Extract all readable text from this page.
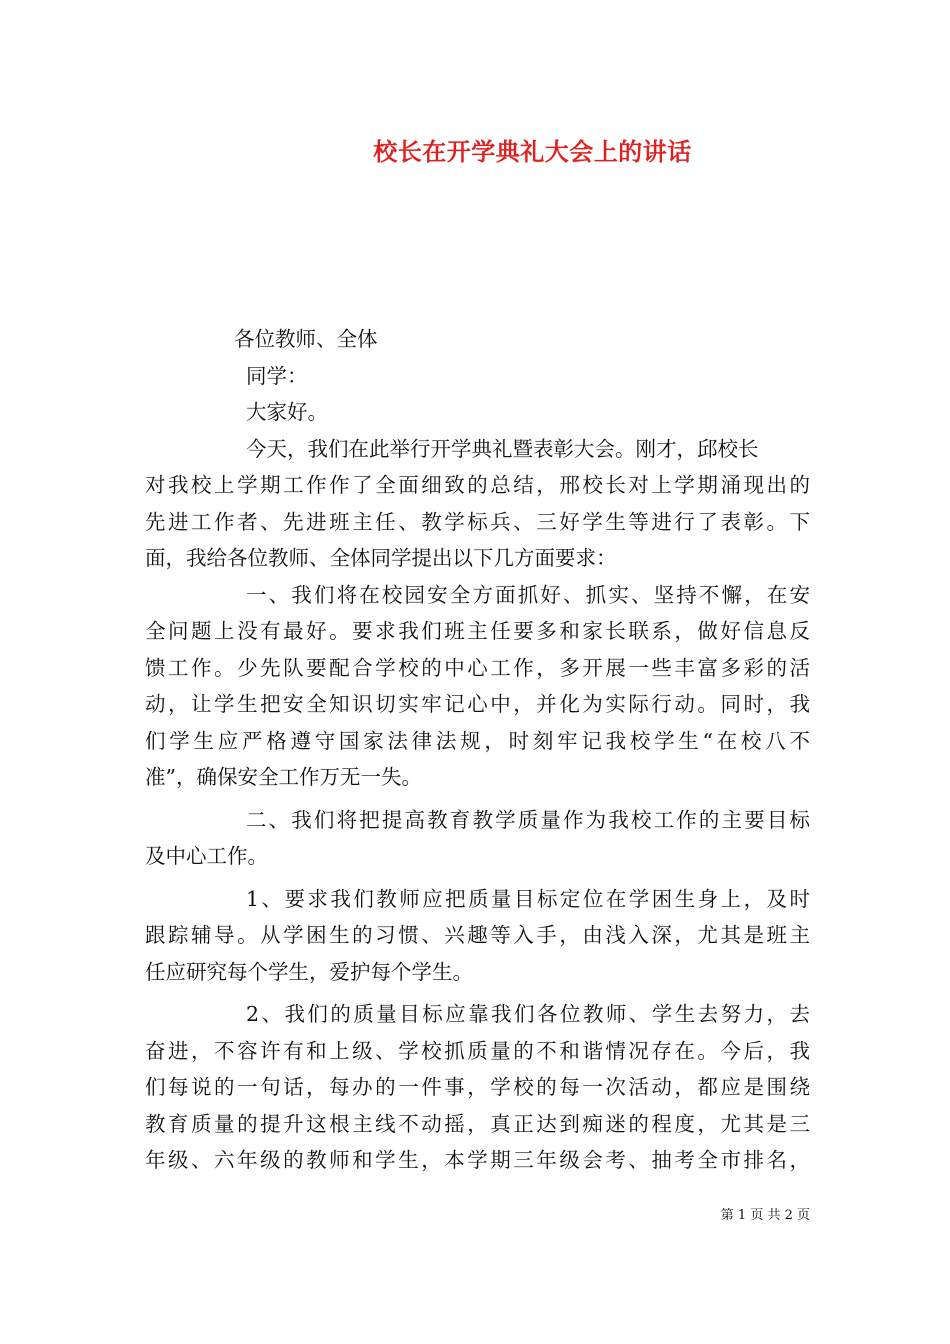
校长在开学典礼大会上的讲话
各位教师、全体
同学：
大家好。
今天，我们在此举行开学典礼暨表彰大会。刚才，邱校长
对我校上学期工作作了全面细致的总结，邢校长对上学期涌现出的
先进工作者、先进班主任、教学标兵、三好学生等进行了表彰。下
面，我给各位教师、全体同学提出以下几方面要求：
一、我们将在校园安全方面抓好、抓实、坚持不懈，在安
全问题上没有最好。要求我们班主任要多和家长联系，做好信息反
馈工作。少先队要配合学校的中心工作，多开展一些丰富多彩的活
动，让学生把安全知识切实牢记心中，并化为实际行动。同时，我
们学生应严格遵守国家法律法规，时刻牢记我校学生“在校八不
准”，确保安全工作万无一失。
二、我们将把提高教育教学质量作为我校工作的主要目标
及中心工作。
1、要求我们教师应把质量目标定位在学困生身上，及时
跟踪辅导。从学困生的习惯、兴趣等入手，由浅入深，尤其是班主
任应研究每个学生，爱护每个学生。
2、我们的质量目标应靠我们各位教师、学生去努力，去
奋进，不容许有和上级、学校抓质量的不和谐情况存在。今后，我
们每说的一句话，每办的一件事，学校的每一次活动，都应是围绕
教育质量的提升这根主线不动摇，真正达到痴迷的程度，尤其是三
年级、六年级的教师和学生，本学期三年级会考、抽考全市排名，
第 1 页 共 2 页
